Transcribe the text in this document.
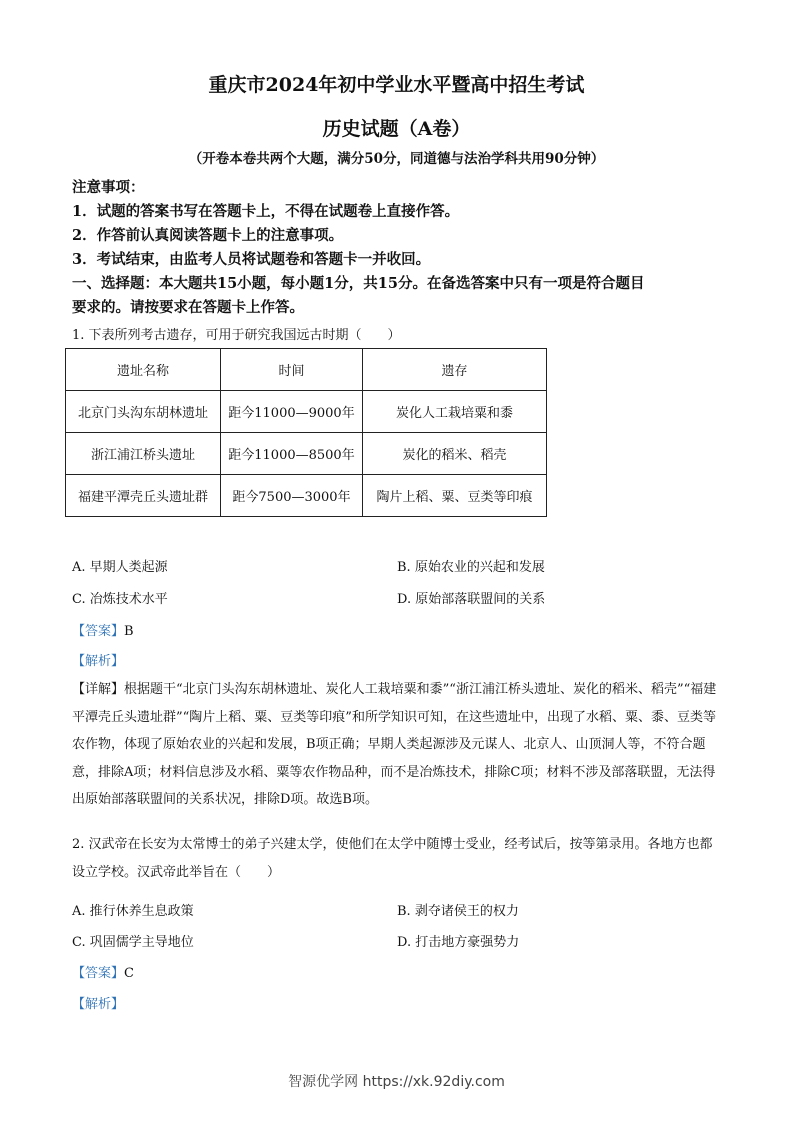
重庆市2024年初中学业水平暨高中招生考试
历史试题（A卷）
（开卷本卷共两个大题，满分50分，同道德与法治学科共用90分钟）
注意事项：
1．试题的答案书写在答题卡上，不得在试题卷上直接作答。
2．作答前认真阅读答题卡上的注意事项。
3．考试结束，由监考人员将试题卷和答题卡一并收回。
一、选择题：本大题共15小题，每小题1分，共15分。在备选答案中只有一项是符合题目
要求的。请按要求在答题卡上作答。
1. 下表所列考古遗存，可用于研究我国远古时期（　　）
遗址名称	时间	遗存
北京门头沟东胡林遗址	距今11000—9000年	炭化人工栽培粟和黍
浙江浦江桥头遗址	距今11000—8500年	炭化的稻米、稻壳
福建平潭壳丘头遗址群	距今7500—3000年	陶片上稻、粟、豆类等印痕
A. 早期人类起源	B. 原始农业的兴起和发展
C. 冶炼技术水平	D. 原始部落联盟间的关系
【答案】B
【解析】
【详解】根据题干“北京门头沟东胡林遗址、炭化人工栽培粟和黍”“浙江浦江桥头遗址、炭化的稻米、稻壳”“福建平潭壳丘头遗址群”“陶片上稻、粟、豆类等印痕”和所学知识可知，在这些遗址中，出现了水稻、粟、黍、豆类等农作物，体现了原始农业的兴起和发展，B项正确；早期人类起源涉及元谋人、北京人、山顶洞人等，不符合题意，排除A项；材料信息涉及水稻、粟等农作物品种，而不是冶炼技术，排除C项；材料不涉及部落联盟，无法得出原始部落联盟间的关系状况，排除D项。故选B项。
2. 汉武帝在长安为太常博士的弟子兴建太学，使他们在太学中随博士受业，经考试后，按等第录用。各地方也都设立学校。汉武帝此举旨在（　　）
A. 推行休养生息政策	B. 剥夺诸侯王的权力
C. 巩固儒学主导地位	D. 打击地方豪强势力
【答案】C
【解析】
智源优学网 https://xk.92diy.com
